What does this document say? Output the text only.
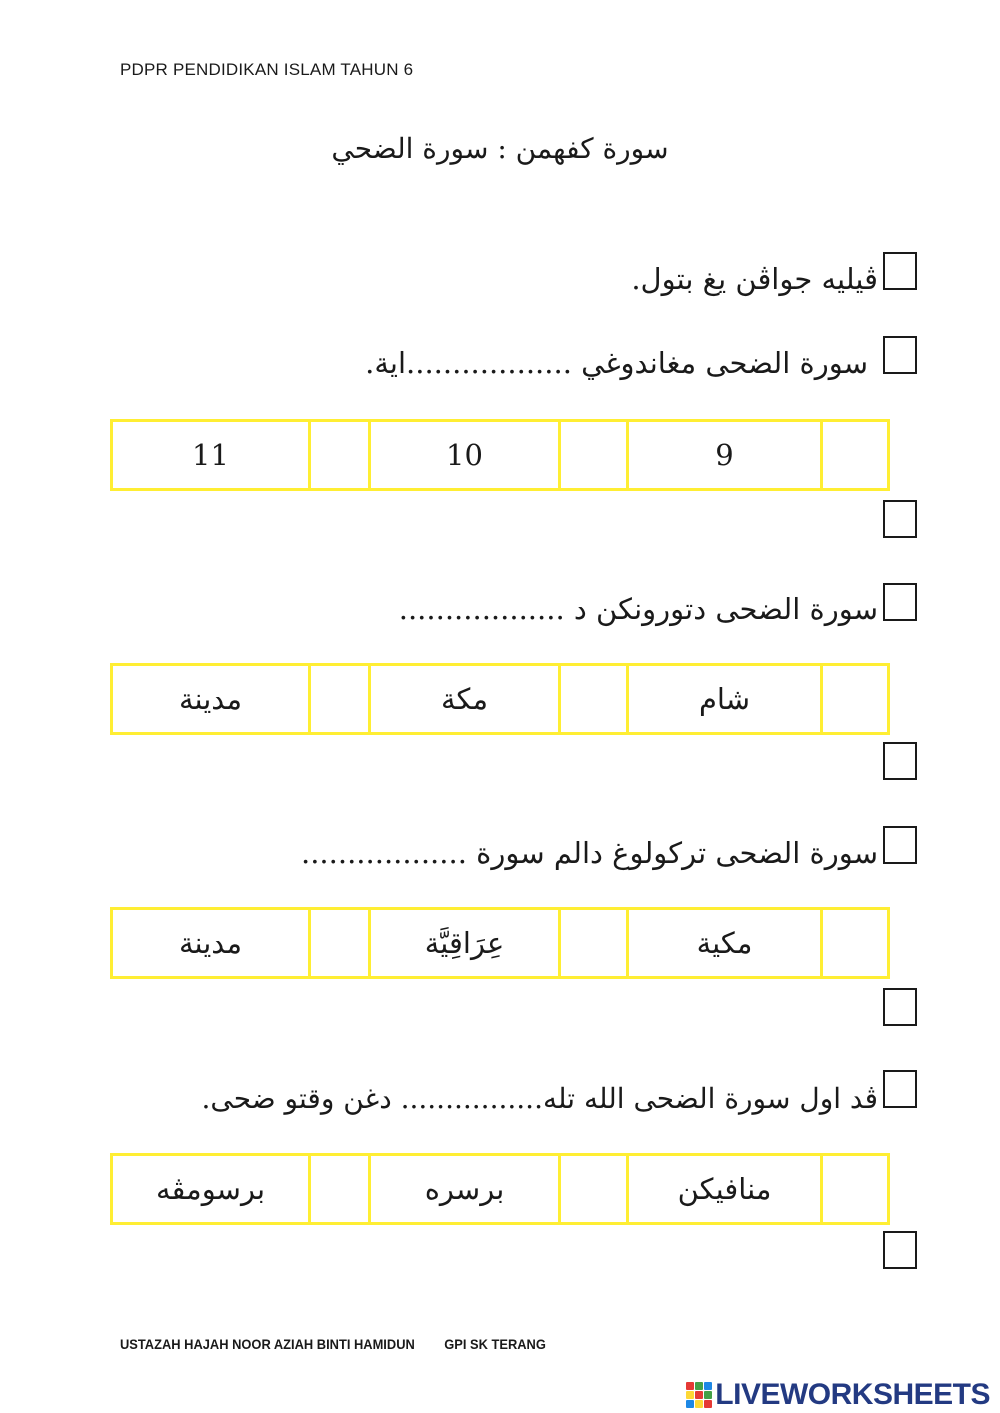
PDPR PENDIDIKAN ISLAM TAHUN 6
سورة كفهمن : سورة الضحي
ڤيليه جواڤن يغ بتول.
سورة الضحى مغاندوغي ..................اية.
11	10	9
سورة الضحى دتورونكن د ..................
مدينة	مكة	شام
سورة الضحى تركولوغ دالم سورة ..................
مدينة	عِرَاقِيَّة	مكية
ڤد اول سورة الضحى الله تله................ دغن وقتو ضحى.
برسومڤه	برسره	منافيكن
USTAZAH HAJAH NOOR AZIAH BINTI HAMIDUN GPI SK TERANG
LIVEWORKSHEETS
